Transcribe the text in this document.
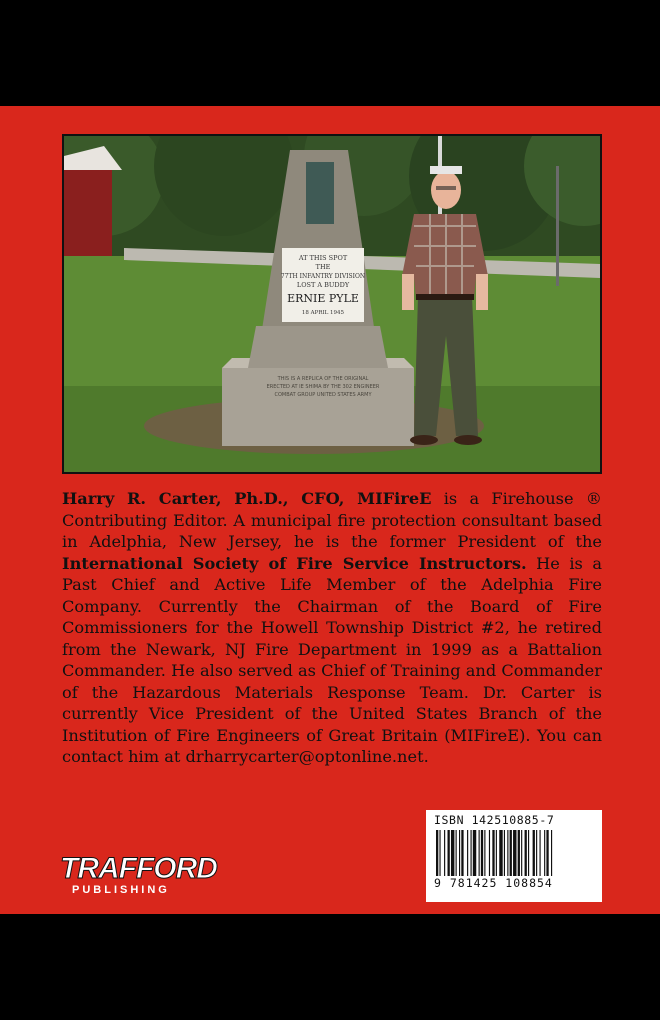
AT THIS SPOT
THE
77TH INFANTRY DIVISION
LOST A BUDDY
ERNIE PYLE
18 APRIL 1945
THIS IS A REPLICA OF THE ORIGINAL
ERECTED AT IE SHIMA BY THE 302 ENGINEER
COMBAT GROUP UNITED STATES ARMY

Harry R. Carter, Ph.D., CFO, MIFireE is a Firehouse ® Contributing Editor. A municipal fire protection consultant based in Adelphia, New Jersey, he is the former President of the International Society of Fire Service Instructors. He is a Past Chief and Active Life Member of the Adelphia Fire Company. Currently the Chairman of the Board of Fire Commissioners for the Howell Township District #2, he retired from the Newark, NJ Fire Department in 1999 as a Battalion Commander. He also served as Chief of Training and Commander of the Hazardous Materials Response Team. Dr. Carter is currently Vice President of the United States Branch of the Institution of Fire Engineers of Great Britain (MIFireE). You can contact him at drharrycarter@optonline.net.

TRAFFORD
PUBLISHING
ISBN 142510885-7
9 781425 108854
